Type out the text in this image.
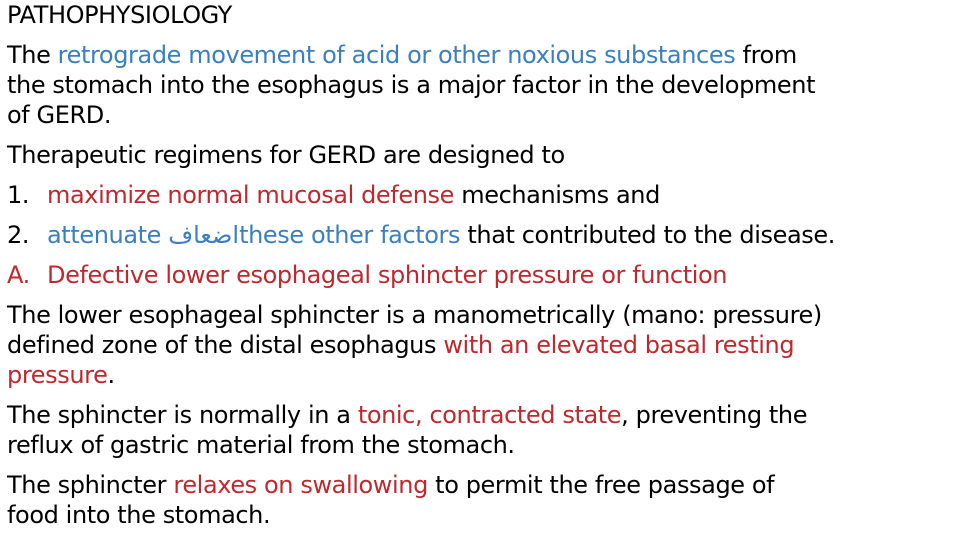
PATHOPHYSIOLOGY
The retrograde movement of acid or other noxious substances from
the stomach into the esophagus is a major factor in the development
of GERD.
Therapeutic regimens for GERD are designed to
1. maximize normal mucosal defense mechanisms and
2. attenuate اضعافthese other factors that contributed to the disease.
A. Defective lower esophageal sphincter pressure or function
The lower esophageal sphincter is a manometrically (mano: pressure)
defined zone of the distal esophagus with an elevated basal resting
pressure.
The sphincter is normally in a tonic, contracted state, preventing the
reflux of gastric material from the stomach.
The sphincter relaxes on swallowing to permit the free passage of
food into the stomach.
